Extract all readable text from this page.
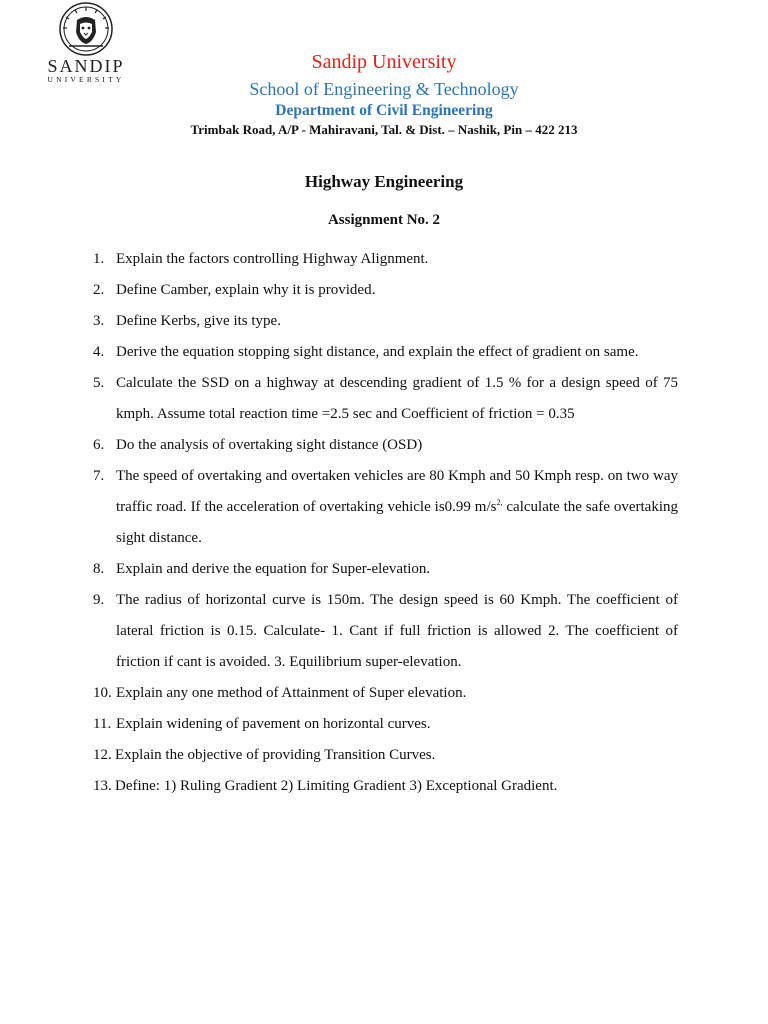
SANDIP
UNIVERSITY
Sandip University
School of Engineering & Technology
Department of Civil Engineering
Trimbak Road, A/P - Mahiravani, Tal. & Dist. – Nashik, Pin – 422 213
Highway Engineering
Assignment No. 2
1. Explain the factors controlling Highway Alignment.
2. Define Camber, explain why it is provided.
3. Define Kerbs, give its type.
4. Derive the equation stopping sight distance, and explain the effect of gradient on same.
5. Calculate the SSD on a highway at descending gradient of 1.5 % for a design speed of 75 kmph. Assume total reaction time =2.5 sec and Coefficient of friction = 0.35
6. Do the analysis of overtaking sight distance (OSD)
7. The speed of overtaking and overtaken vehicles are 80 Kmph and 50 Kmph resp. on two way traffic road. If the acceleration of overtaking vehicle is0.99 $m/s^{2,}$ calculate the safe overtaking sight distance.
8. Explain and derive the equation for Super-elevation.
9. The radius of horizontal curve is 150m. The design speed is 60 Kmph. The coefficient of lateral friction is 0.15. Calculate- 1. Cant if full friction is allowed 2. The coefficient of friction if cant is avoided. 3. Equilibrium super-elevation.
10. Explain any one method of Attainment of Super elevation.
11. Explain widening of pavement on horizontal curves.
12. Explain the objective of providing Transition Curves.
13. Define: 1) Ruling Gradient 2) Limiting Gradient 3) Exceptional Gradient.
